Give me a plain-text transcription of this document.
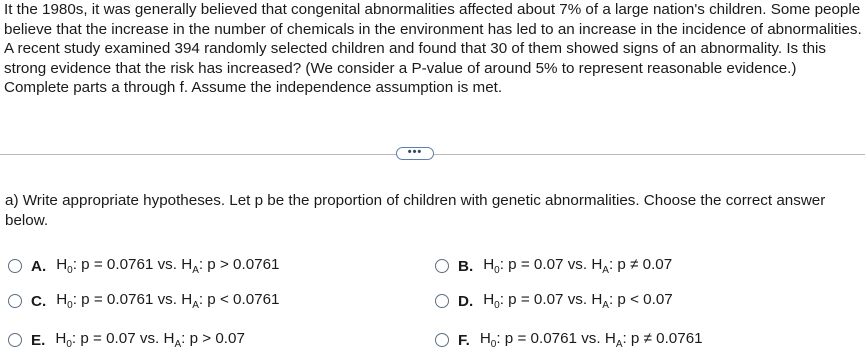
It the 1980s, it was generally believed that congenital abnormalities affected about 7% of a large nation's children. Some people believe that the increase in the number of chemicals in the environment has led to an increase in the incidence of abnormalities. A recent study examined 394 randomly selected children and found that 30 of them showed signs of an abnormality. Is this strong evidence that the risk has increased? (We consider a P-value of around 5% to represent reasonable evidence.) Complete parts a through f. Assume the independence assumption is met.

•••

a) Write appropriate hypotheses. Let p be the proportion of children with genetic abnormalities. Choose the correct answer below.

A. $H_0$: p = 0.0761 vs. $H_A$: p > 0.0761	B. $H_0$: p = 0.07 vs. $H_A$: p ≠ 0.07
C. $H_0$: p = 0.0761 vs. $H_A$: p < 0.0761	D. $H_0$: p = 0.07 vs. $H_A$: p < 0.07
E. $H_0$: p = 0.07 vs. $H_A$: p > 0.07	F. $H_0$: p = 0.0761 vs. $H_A$: p ≠ 0.0761
